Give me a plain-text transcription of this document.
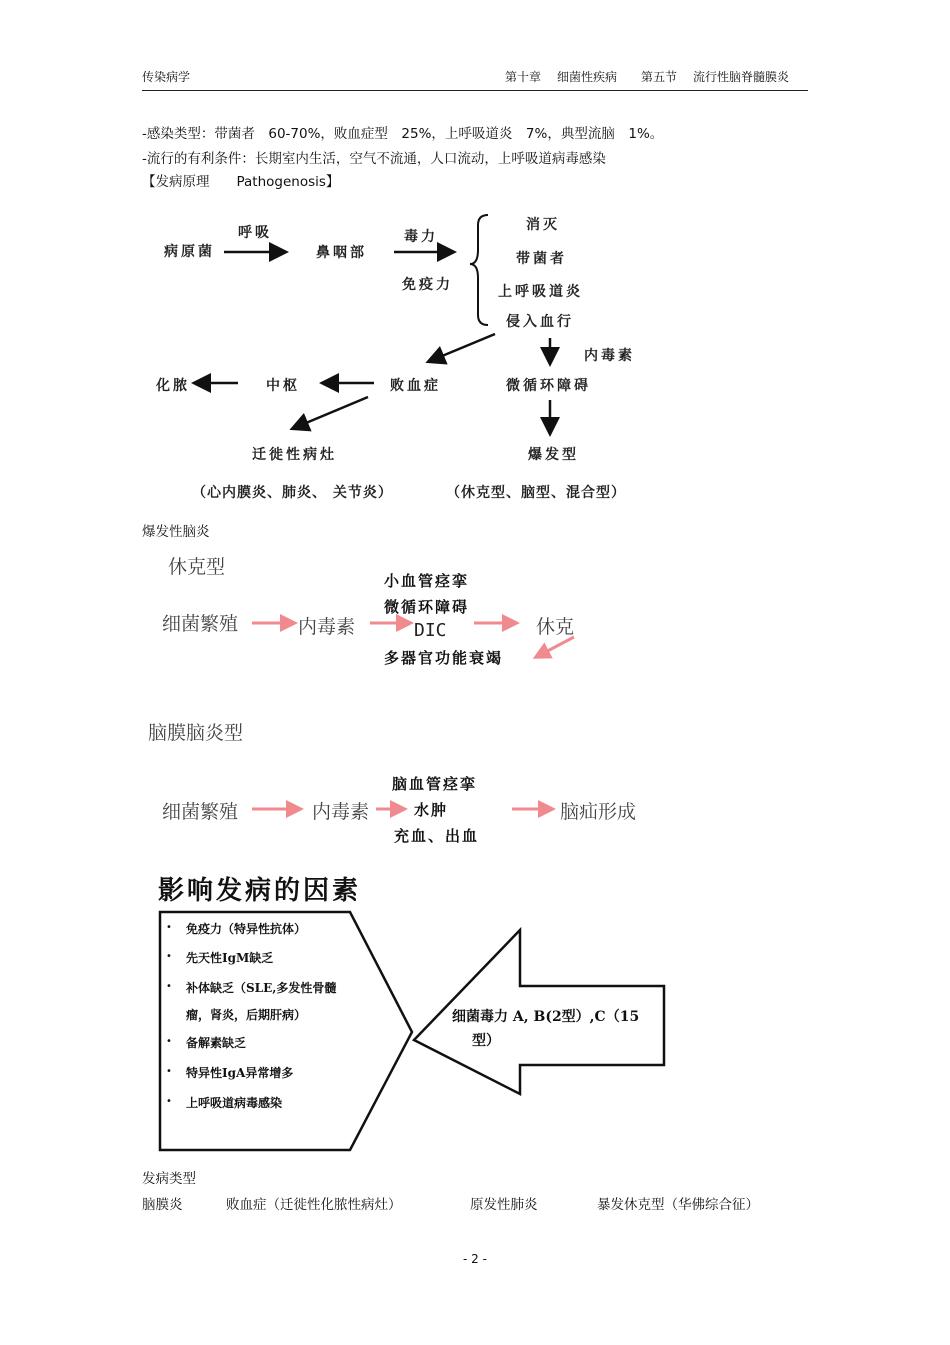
传染病学	第十章 细菌性疾病 第五节 流行性脑脊髓膜炎
-感染类型：带菌者　60-70%，败血症型　25%，上呼吸道炎　7%，典型流脑　1%。
-流行的有利条件：长期室内生活，空气不流通，人口流动，上呼吸道病毒感染
【发病原理　　Pathogenosis】
病原菌
呼吸
鼻咽部
毒力
免疫力
消灭
带菌者
上呼吸道炎
侵入血行
内毒素
化脓	中枢	败血症	微循环障碍
迁徙性病灶	爆发型
（心内膜炎、肺炎、 关节炎）	（休克型、脑型、混合型）
爆发性脑炎
休克型
细菌繁殖	内毒素
小血管痉挛
微循环障碍
DIC
多器官功能衰竭
休克
脑膜脑炎型
细菌繁殖	内毒素
脑血管痉挛
水肿
充血、出血
脑疝形成
影响发病的因素
• 免疫力（特异性抗体）
• 先天性IgM缺乏
• 补体缺乏（SLE,多发性骨髓
瘤，肾炎，后期肝病）
• 备解素缺乏
• 特异性IgA异常增多
• 上呼吸道病毒感染
细菌毒力 A, B(2型）,C（15
型）
发病类型
脑膜炎	败血症（迁徙性化脓性病灶）	原发性肺炎	暴发休克型（华佛综合征）
- 2 -
